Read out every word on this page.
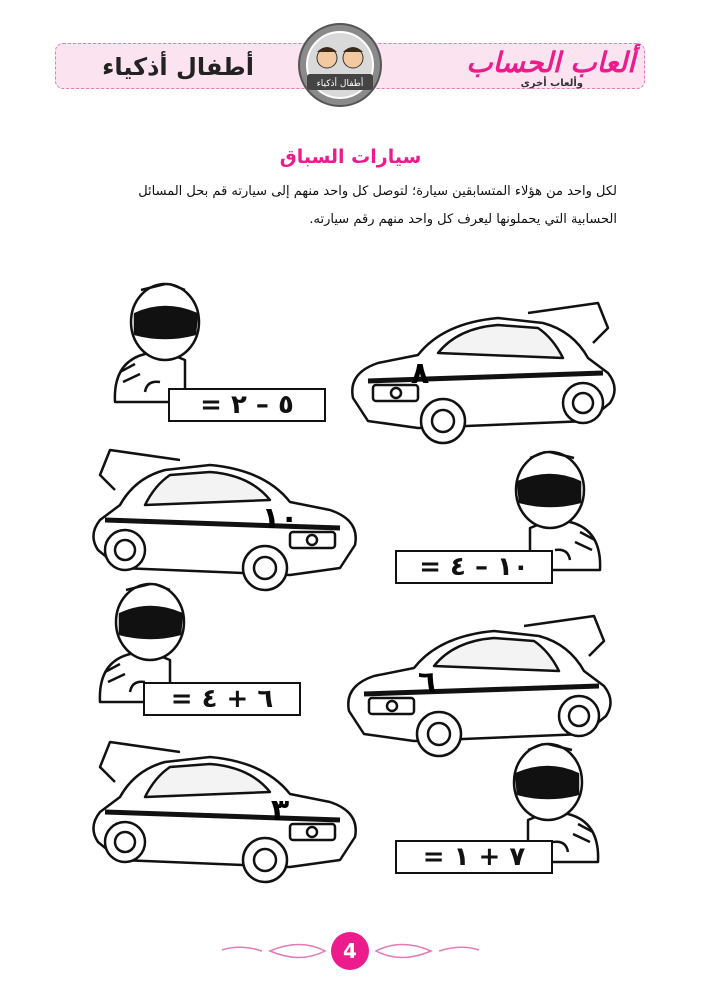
أطفال أذكياء	ألعاب الحساب
وألعاب أخرى
أطفال أذكياء
سيارات السباق
لكل واحد من هؤلاء المتسابقين سيارة؛ لتوصل كل واحد منهم إلى سيارته قم بحل المسائل
الحسابية التي يحملونها ليعرف كل واحد منهم رقم سيارته.
٨
١٠
٦
٣
٥ – ٢ =
١٠ – ٤ =
٦ + ٤ =
٧ + ١ =
4
